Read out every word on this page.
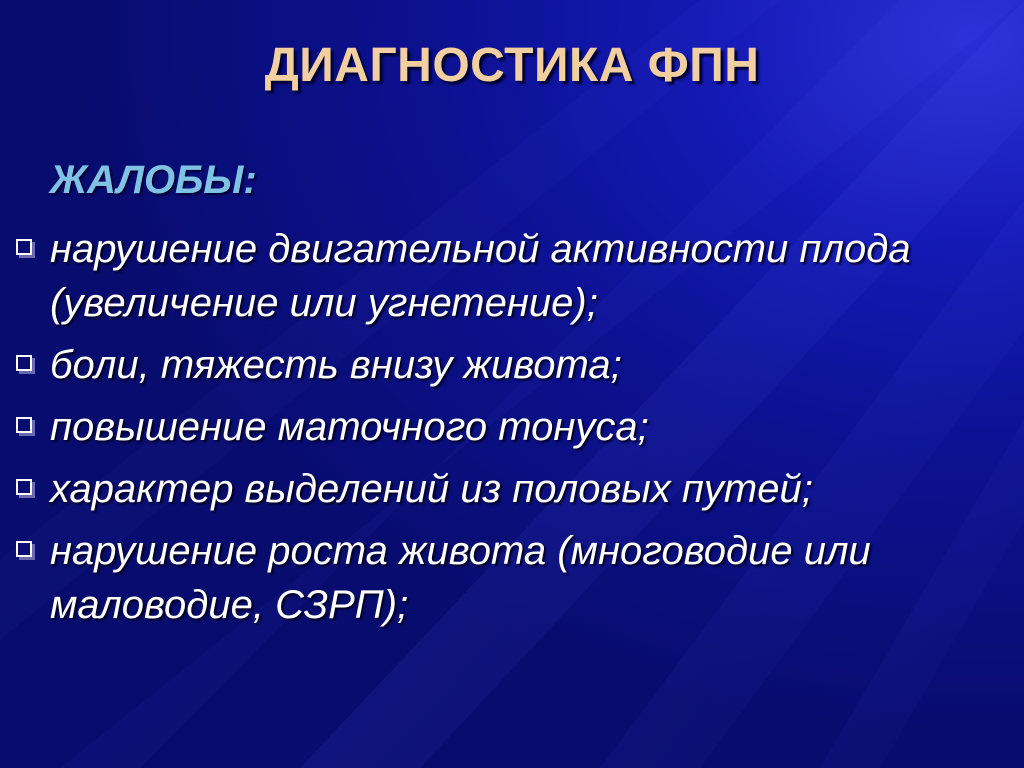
ДИАГНОСТИКА ФПН
ЖАЛОБЫ:
нарушение двигательной активности плода (увеличение или угнетение);
боли, тяжесть внизу живота;
повышение маточного тонуса;
характер выделений из половых путей;
нарушение роста живота (многоводие или маловодие, СЗРП);
